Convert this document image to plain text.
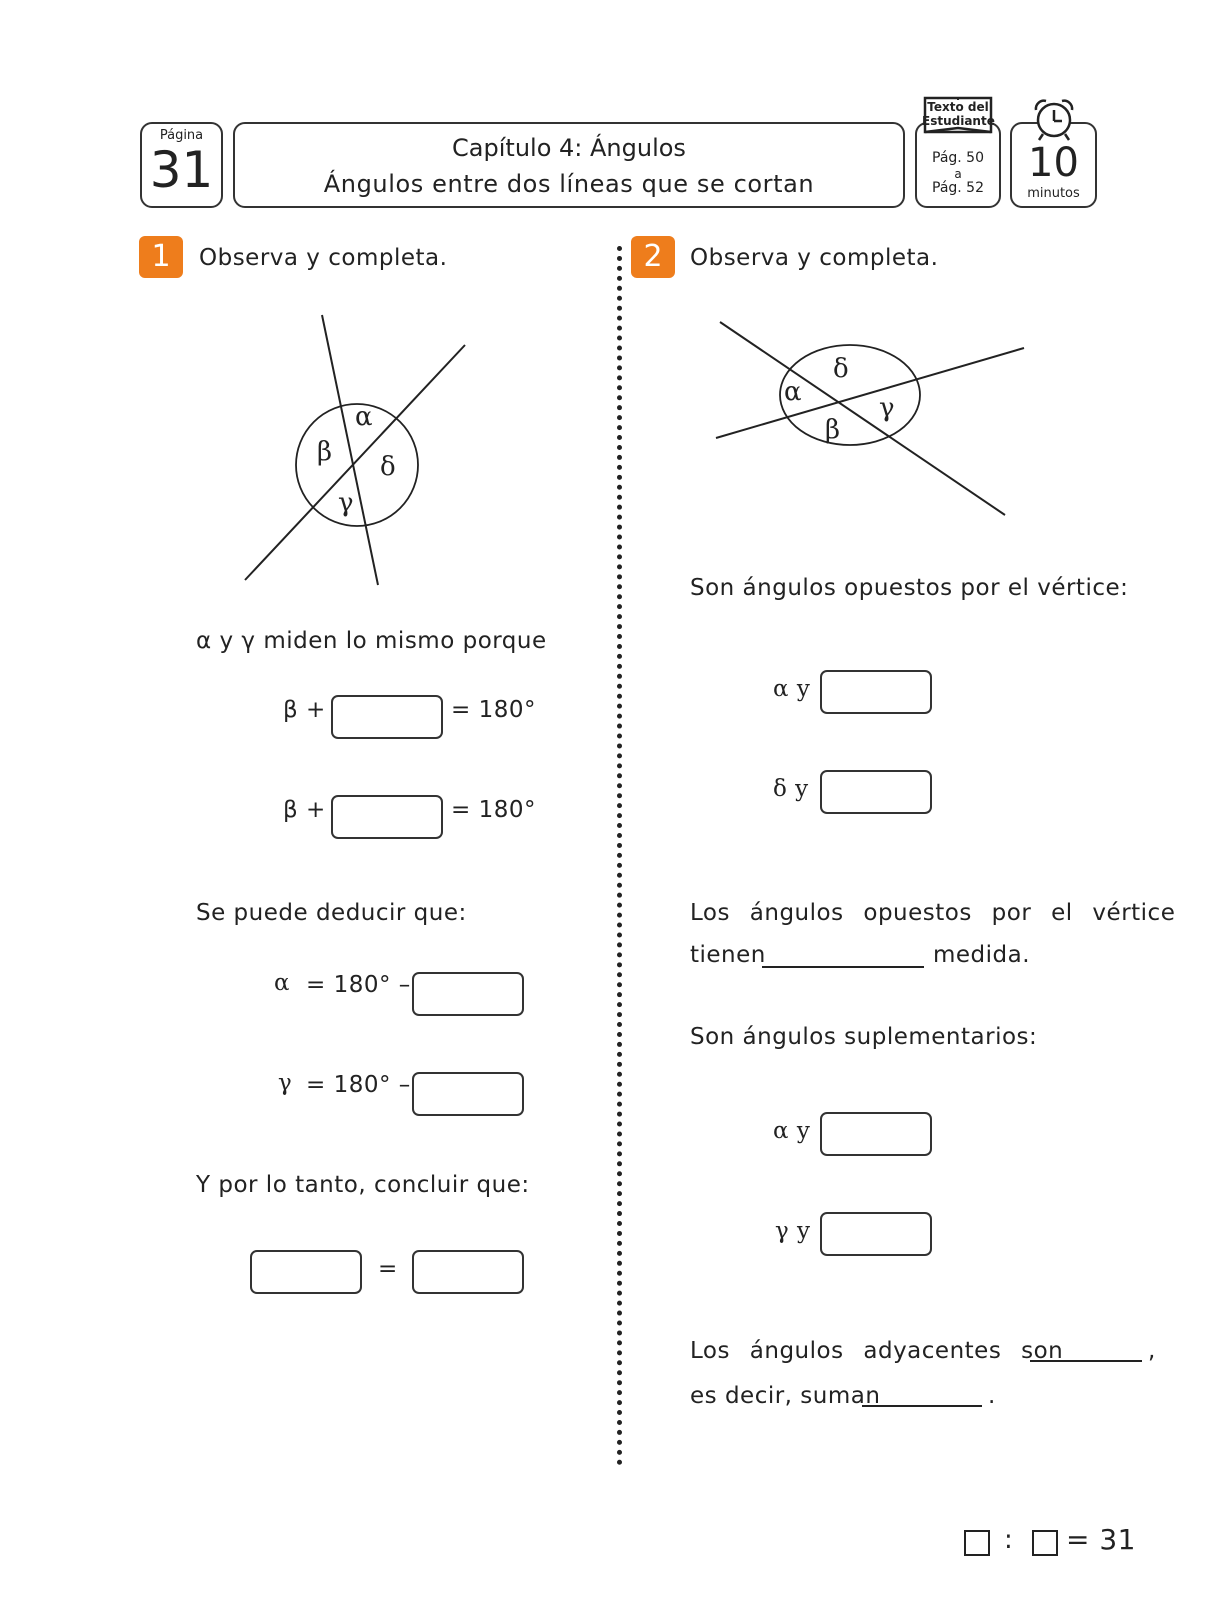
Página
31	Capítulo 4: Ángulos
Ángulos entre dos líneas que se cortan
Pág. 50
a
Pág. 52
Texto del
Estudiante
10
minutos
1	Observa y completa.
α
β δ
γ
α y γ miden lo mismo porque
β +	= 180°
β +	= 180°
Se puede deducir que:
α = 180° –
γ = 180° –
Y por lo tanto, concluir que:
=
2	Observa y completa.
δ
α
γ
β
Son ángulos opuestos por el vértice:
α y
δ y
Los ángulos opuestos por el vértice
tienen	medida.
Son ángulos suplementarios:
α y
γ y
Los ángulos adyacentes son	,
es decir, suman	.
: = 31
